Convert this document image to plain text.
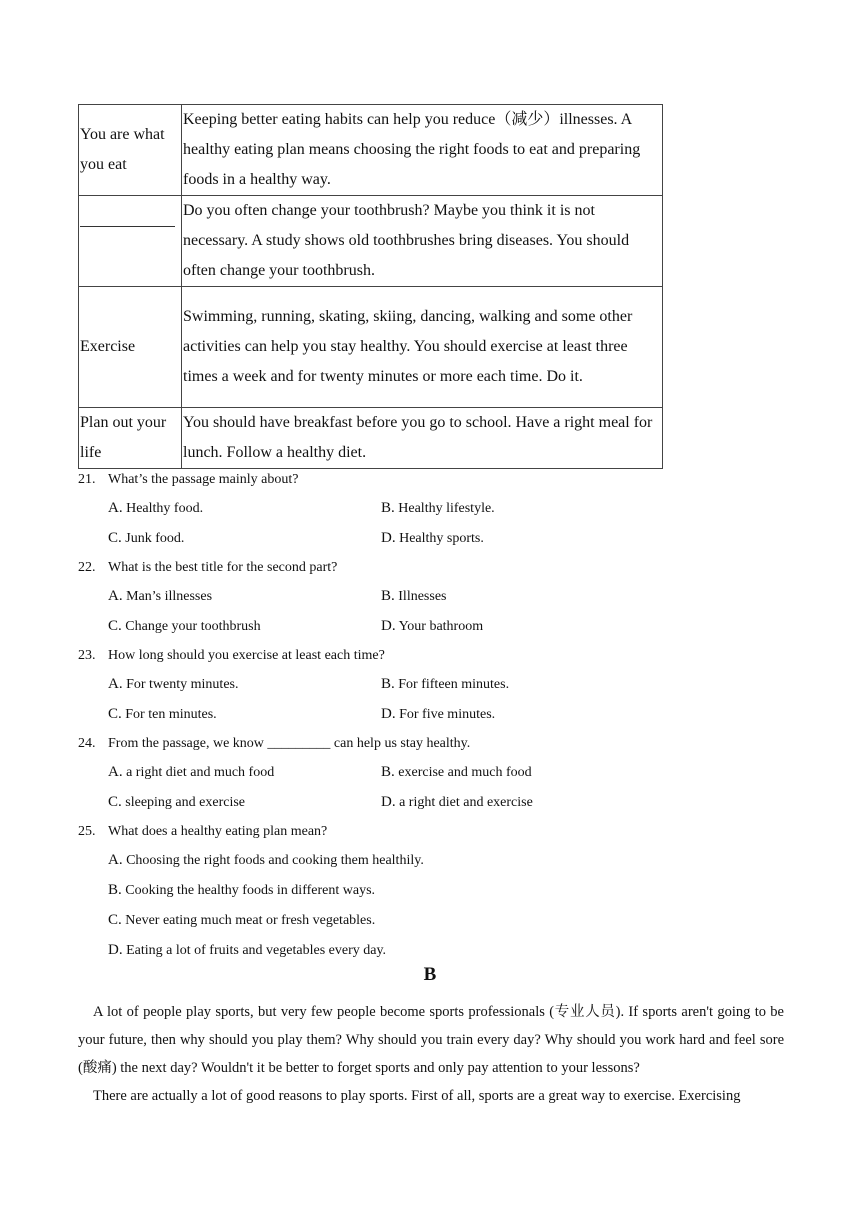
You are what you eat	Keeping better eating habits can help you reduce（减少）illnesses. A healthy eating plan means choosing the right foods to eat and preparing foods in a healthy way.

	Do you often change your toothbrush? Maybe you think it is not necessary. A study shows old toothbrushes bring diseases. You should often change your toothbrush.
Exercise	Swimming, running, skating, skiing, dancing, walking and some other activities can help you stay healthy. You should exercise at least three times a week and for twenty minutes or more each time. Do it.
Plan out your life	You should have breakfast before you go to school. Have a right meal for lunch. Follow a healthy diet.
21. What’s the passage mainly about?
A. Healthy food.	B. Healthy lifestyle.
C. Junk food.	D. Healthy sports.
22. What is the best title for the second part?
A. Man’s illnesses	B. Illnesses
C. Change your toothbrush	D. Your bathroom
23. How long should you exercise at least each time?
A. For twenty minutes.	B. For fifteen minutes.
C. For ten minutes.	D. For five minutes.
24. From the passage, we know _________ can help us stay healthy.
A. a right diet and much food	B. exercise and much food
C. sleeping and exercise	D. a right diet and exercise
25. What does a healthy eating plan mean?
A. Choosing the right foods and cooking them healthily.
B. Cooking the healthy foods in different ways.
C. Never eating much meat or fresh vegetables.
D. Eating a lot of fruits and vegetables every day.
B

A lot of people play sports, but very few people become sports professionals (专业人员). If sports aren't going to be your future, then why should you play them? Why should you train every day? Why should you work hard and feel sore (酸痛) the next day? Wouldn't it be better to forget sports and only pay attention to your lessons?

There are actually a lot of good reasons to play sports. First of all, sports are a great way to exercise. Exercising
